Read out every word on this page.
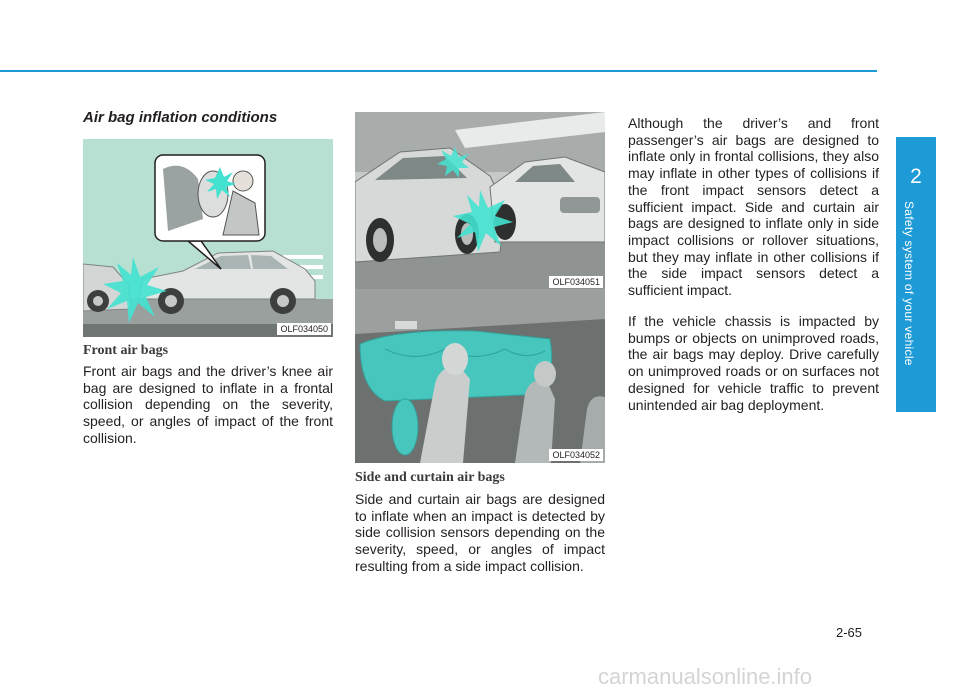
Air bag inflation conditions
OLF034050
Front air bags

Front air bags and the driver’s knee air bag are designed to inflate in a frontal collision depending on the severity, speed, or angles of impact of the front collision.

OLF034051
OLF034052
Side and curtain air bags

Side and curtain air bags are designed to inflate when an impact is detected by side collision sensors depending on the severity, speed, or angles of impact resulting from a side impact collision.

Although the driver’s and front passenger’s air bags are designed to inflate only in frontal collisions, they also may inflate in other types of collisions if the front impact sensors detect a sufficient impact. Side and curtain air bags are designed to inflate only in side impact collisions or rollover situations, but they may inflate in other collisions if the side impact sensors detect a sufficient impact.

If the vehicle chassis is impacted by bumps or objects on unimproved roads, the air bags may deploy. Drive carefully on unimproved roads or on surfaces not designed for vehicle traffic to prevent unintended air bag deployment.

2
Safety system of your vehicle
2-65
carmanualsonline.info
